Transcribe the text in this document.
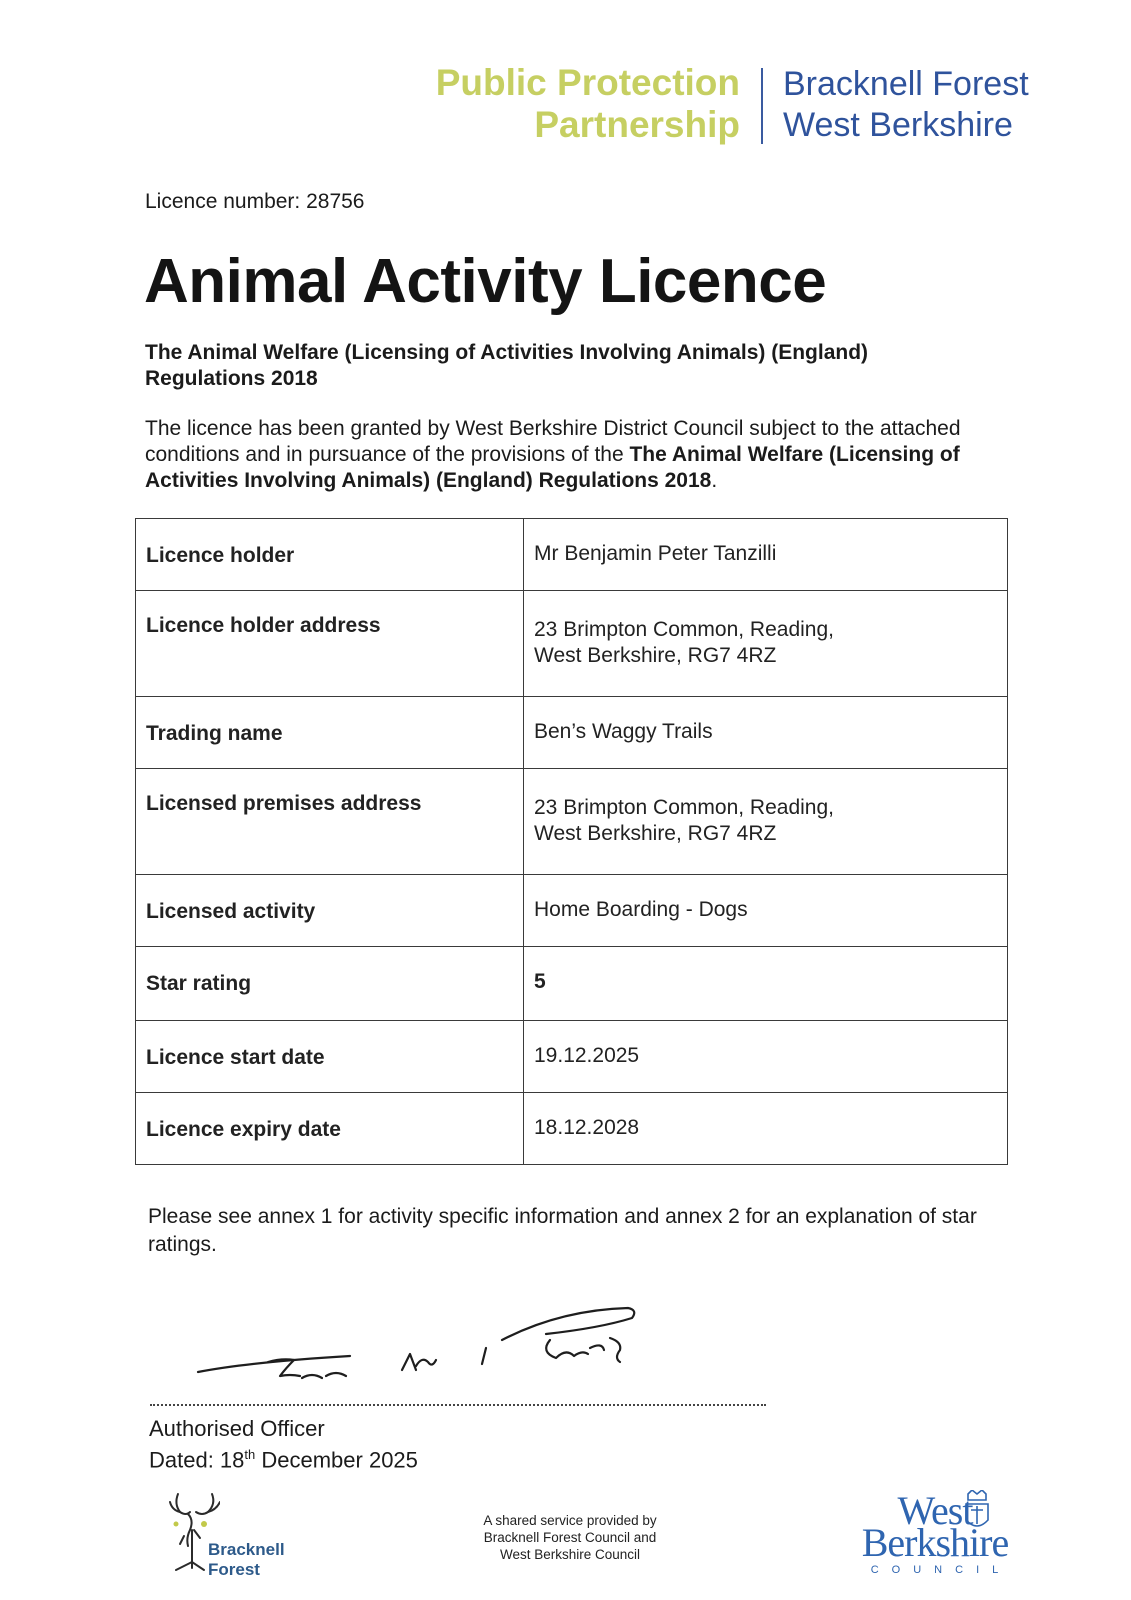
Public Protection
Partnership
Bracknell Forest
West Berkshire
Licence number: 28756
Animal Activity Licence
The Animal Welfare (Licensing of Activities Involving Animals) (England) Regulations 2018
The licence has been granted by West Berkshire District Council subject to the attached conditions and in pursuance of the provisions of the The Animal Welfare (Licensing of Activities Involving Animals) (England) Regulations 2018.
Licence holder	Mr Benjamin Peter Tanzilli

Licence holder address	23 Brimpton Common, Reading,
West Berkshire, RG7 4RZ

Trading name	Ben’s Waggy Trails

Licensed premises address	23 Brimpton Common, Reading,
West Berkshire, RG7 4RZ

Licensed activity	Home Boarding - Dogs

Star rating	5

Licence start date	19.12.2025

Licence expiry date	18.12.2028
Please see annex 1 for activity specific information and annex 2 for an explanation of star ratings.
Authorised Officer
Dated: 18th December 2025
Bracknell
Forest
A shared service provided by
Bracknell Forest Council and
West Berkshire Council
West
Berkshire
COUNCIL
